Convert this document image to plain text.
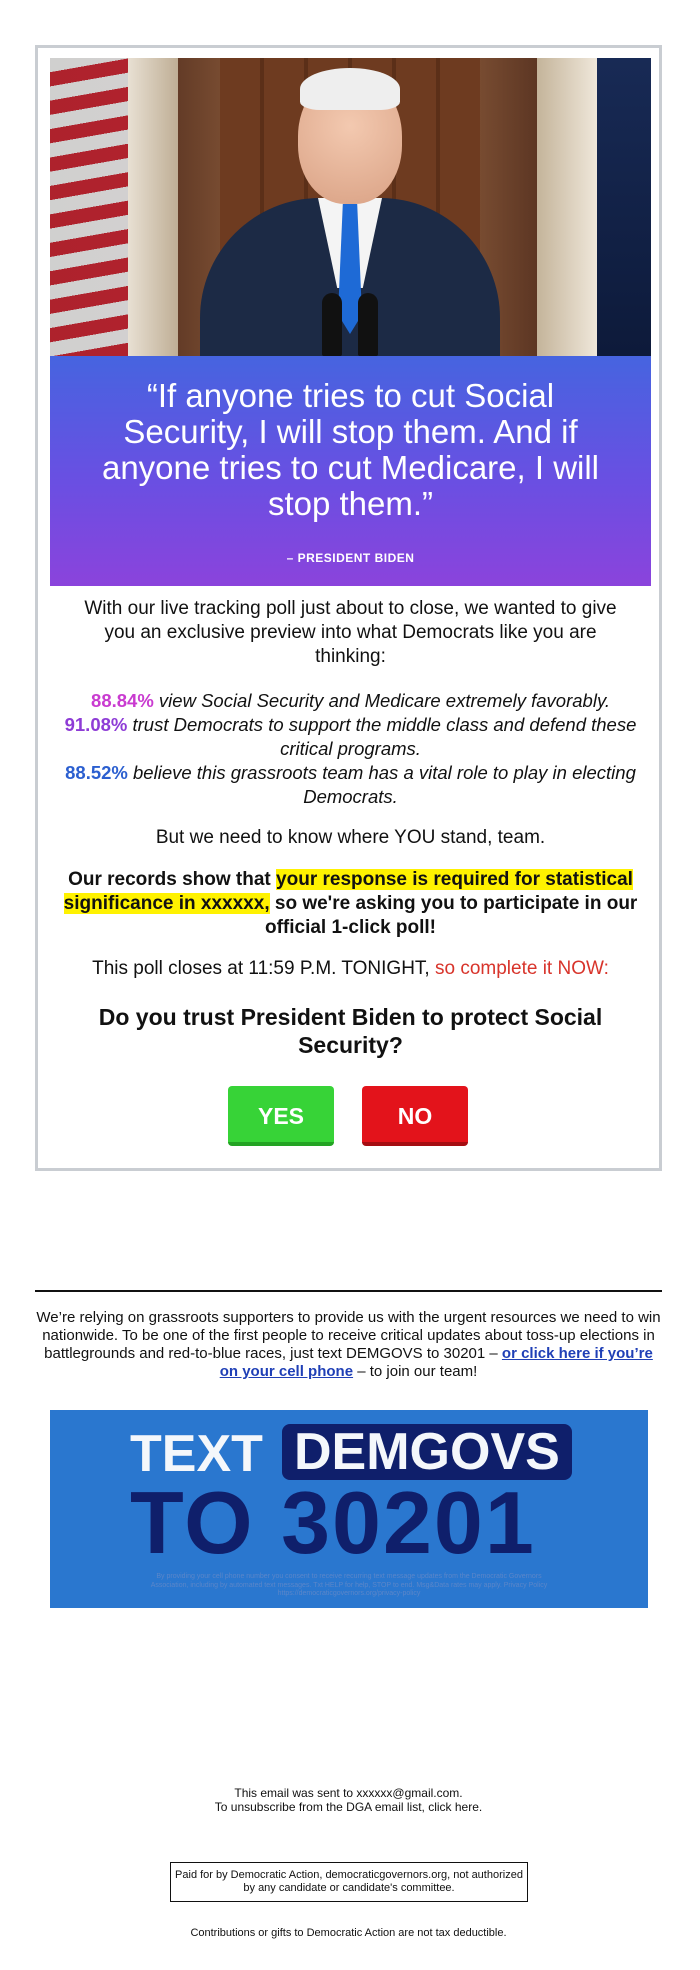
“If anyone tries to cut Social Security, I will stop them. And if anyone tries to cut Medicare, I will stop them.”
– PRESIDENT BIDEN
With our live tracking poll just about to close, we wanted to give you an exclusive preview into what Democrats like you are thinking:
88.84% view Social Security and Medicare extremely favorably.
91.08% trust Democrats to support the middle class and defend these critical programs.
88.52% believe this grassroots team has a vital role to play in electing Democrats.
But we need to know where YOU stand, team.
Our records show that your response is required for statistical significance in xxxxxx, so we're asking you to participate in our official 1-click poll!
This poll closes at 11:59 P.M. TONIGHT, so complete it NOW:
Do you trust President Biden to protect Social Security?
YES	NO
We’re relying on grassroots supporters to provide us with the urgent resources we need to win nationwide. To be one of the first people to receive critical updates about toss-up elections in battlegrounds and red-to-blue races, just text DEMGOVS to 30201 – or click here if you’re on your cell phone – to join our team!
TEXT DEMGOVS
TO 30201
By providing your cell phone number you consent to receive recurring text message updates from the Democratic Governors Association, including by automated text messages. Txt HELP for help, STOP to end. Msg&Data rates may apply. Privacy Policy https://democraticgovernors.org/privacy-policy
This email was sent to xxxxxx@gmail.com.
To unsubscribe from the DGA email list, click here.
Paid for by Democratic Action, democraticgovernors.org, not authorized by any candidate or candidate's committee.
Contributions or gifts to Democratic Action are not tax deductible.
